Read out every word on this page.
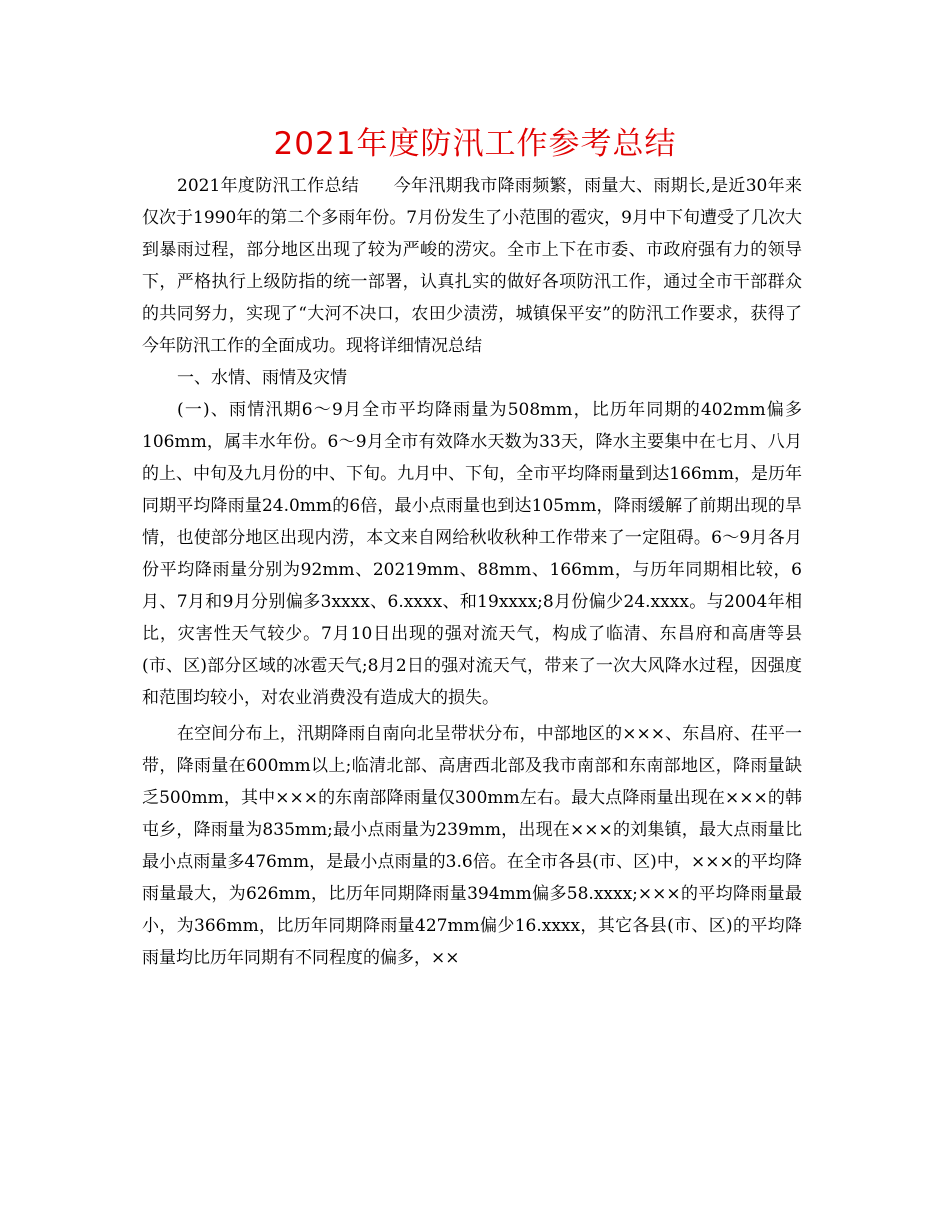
2021年度防汛工作参考总结

2021年度防汛工作总结　　今年汛期我市降雨频繁，雨量大、雨期长,是近30年来仅次于1990年的第二个多雨年份。7月份发生了小范围的雹灾，9月中下旬遭受了几次大到暴雨过程，部分地区出现了较为严峻的涝灾。全市上下在市委、市政府强有力的领导下，严格执行上级防指的统一部署，认真扎实的做好各项防汛工作，通过全市干部群众的共同努力，实现了“大河不决口，农田少渍涝，城镇保平安”的防汛工作要求，获得了今年防汛工作的全面成功。现将详细情况总结

一、水情、雨情及灾情

(一)、雨情汛期6～9月全市平均降雨量为508mm，比历年同期的402mm偏多106mm，属丰水年份。6～9月全市有效降水天数为33天，降水主要集中在七月、八月的上、中旬及九月份的中、下旬。九月中、下旬，全市平均降雨量到达166mm，是历年同期平均降雨量24.0mm的6倍，最小点雨量也到达105mm，降雨缓解了前期出现的旱情，也使部分地区出现内涝，本文来自网给秋收秋种工作带来了一定阻碍。6～9月各月份平均降雨量分别为92mm、20219mm、88mm、166mm，与历年同期相比较，6月、7月和9月分别偏多3xxxx、6.xxxx、和19xxxx;8月份偏少24.xxxx。与2004年相比，灾害性天气较少。7月10日出现的强对流天气，构成了临清、东昌府和高唐等县(市、区)部分区域的冰雹天气;8月2日的强对流天气，带来了一次大风降水过程，因强度和范围均较小，对农业消费没有造成大的损失。

在空间分布上，汛期降雨自南向北呈带状分布，中部地区的×××、东昌府、茌平一带，降雨量在600mm以上;临清北部、高唐西北部及我市南部和东南部地区，降雨量缺乏500mm，其中×××的东南部降雨量仅300mm左右。最大点降雨量出现在×××的韩屯乡，降雨量为835mm;最小点雨量为239mm，出现在×××的刘集镇，最大点雨量比最小点雨量多476mm，是最小点雨量的3.6倍。在全市各县(市、区)中，×××的平均降雨量最大，为626mm，比历年同期降雨量394mm偏多58.xxxx;×××的平均降雨量最小，为366mm，比历年同期降雨量427mm偏少16.xxxx，其它各县(市、区)的平均降雨量均比历年同期有不同程度的偏多，××
